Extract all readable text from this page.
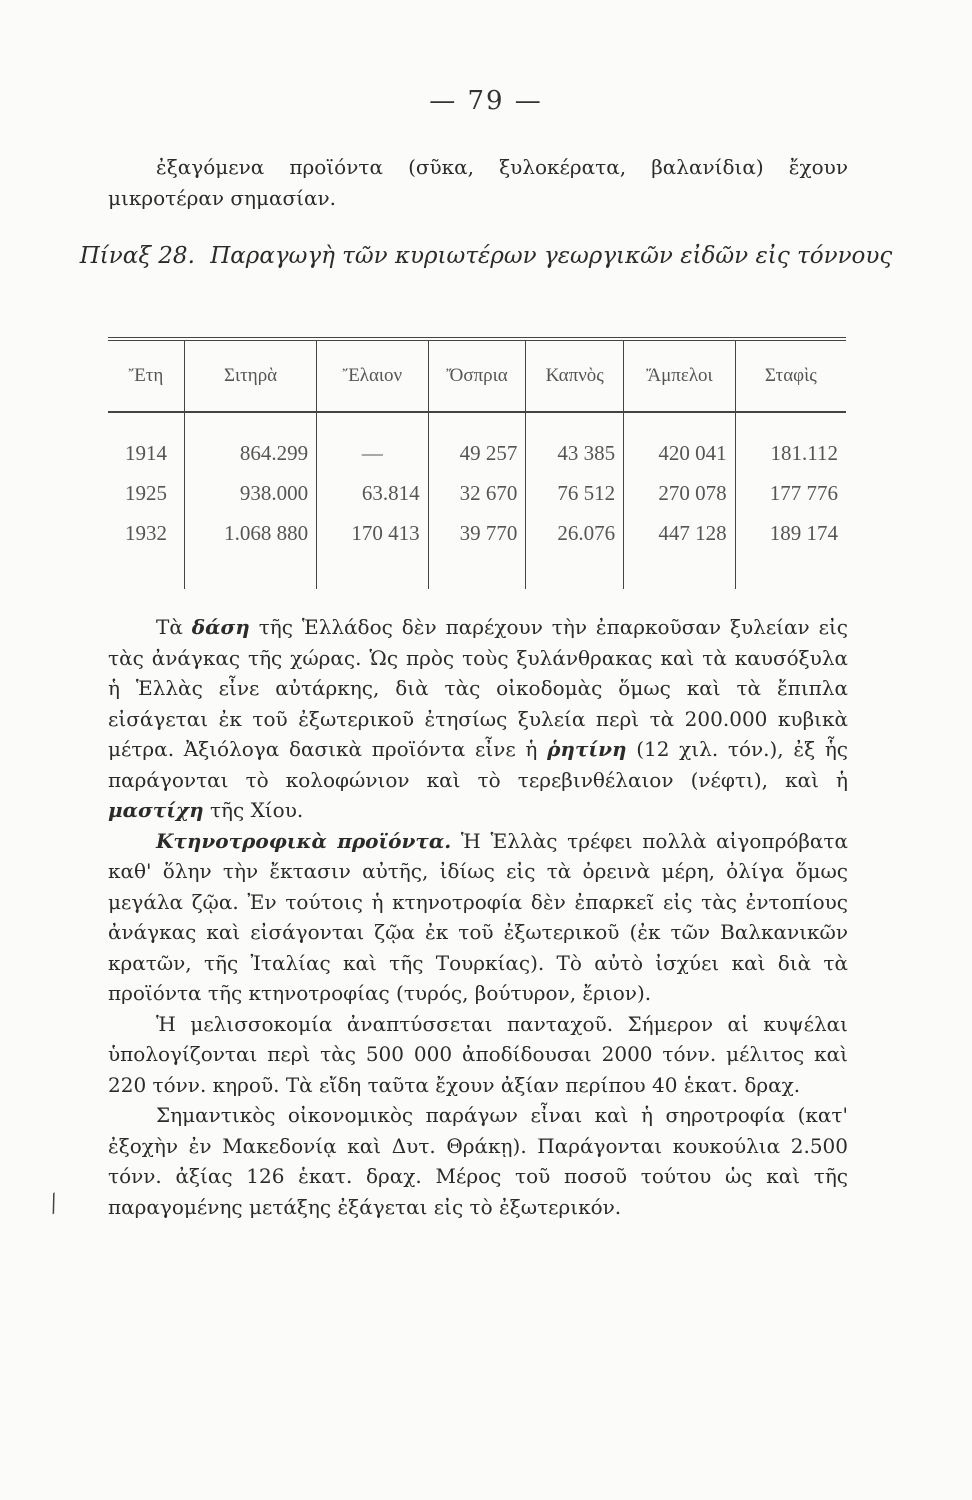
— 79 —

ἐξαγόμενα προϊόντα (σῦκα, ξυλοκέρατα, βαλανίδια) ἔχουν μικροτέραν σημασίαν.

Πίναξ 28. Παραγωγὴ τῶν κυριωτέρων γεωργικῶν εἰδῶν εἰς τόννους
Ἔτη	Σιτηρὰ	Ἔλαιον	Ὄσπρια	Καπνὸς	Ἄμπελοι	Σταφὶς
1914	864.299	—	49 257	43 385	420 041	181.112
1925	938.000	63.814	32 670	76 512	270 078	177 776
1932	1.068 880	170 413	39 770	26.076	447 128	189 174

Τὰ δάση τῆς Ἑλλάδος δὲν παρέχουν τὴν ἐπαρκοῦσαν ξυλείαν εἰς τὰς ἀνάγκας τῆς χώρας. Ὡς πρὸς τοὺς ξυλάνθρακας καὶ τὰ καυσόξυλα ἡ Ἑλλὰς εἶνε αὐτάρκης, διὰ τὰς οἰκοδομὰς ὅμως καὶ τὰ ἔπιπλα εἰσάγεται ἐκ τοῦ ἐξωτερικοῦ ἐτησίως ξυλεία περὶ τὰ 200.000 κυβικὰ μέτρα. Ἀξιόλογα δασικὰ προϊόντα εἶνε ἡ ῥητίνη (12 χιλ. τόν.), ἐξ ἧς παράγονται τὸ κολοφώνιον καὶ τὸ τερεβινθέλαιον (νέφτι), καὶ ἡ μαστίχη τῆς Χίου.

Κτηνοτροφικὰ προϊόντα. Ἡ Ἑλλὰς τρέφει πολλὰ αἰγοπρόβατα καθ' ὅλην τὴν ἔκτασιν αὐτῆς, ἰδίως εἰς τὰ ὀρεινὰ μέρη, ὀλίγα ὅμως μεγάλα ζῷα. Ἐν τούτοις ἡ κτηνοτροφία δὲν ἐπαρκεῖ εἰς τὰς ἐντοπίους ἀνάγκας καὶ εἰσάγονται ζῷα ἐκ τοῦ ἐξωτερικοῦ (ἐκ τῶν Βαλκανικῶν κρατῶν, τῆς Ἰταλίας καὶ τῆς Τουρκίας). Τὸ αὐτὸ ἰσχύει καὶ διὰ τὰ προϊόντα τῆς κτηνοτροφίας (τυρός, βούτυρον, ἔριον).

Ἡ μελισσοκομία ἀναπτύσσεται πανταχοῦ. Σήμερον αἱ κυψέλαι ὑπολογίζονται περὶ τὰς 500 000 ἀποδίδουσαι 2000 τόνν. μέλιτος καὶ 220 τόνν. κηροῦ. Τὰ εἴδη ταῦτα ἔχουν ἀξίαν περίπου 40 ἑκατ. δραχ.

Σημαντικὸς οἰκονομικὸς παράγων εἶναι καὶ ἡ σηροτροφία (κατ' ἐξοχὴν ἐν Μακεδονίᾳ καὶ Δυτ. Θράκῃ). Παράγονται κουκούλια 2.500 τόνν. ἀξίας 126 ἑκατ. δραχ. Μέρος τοῦ ποσοῦ τούτου ὡς καὶ τῆς παραγομένης μετάξης ἐξάγεται εἰς τὸ ἐξωτερικόν.

⁄
